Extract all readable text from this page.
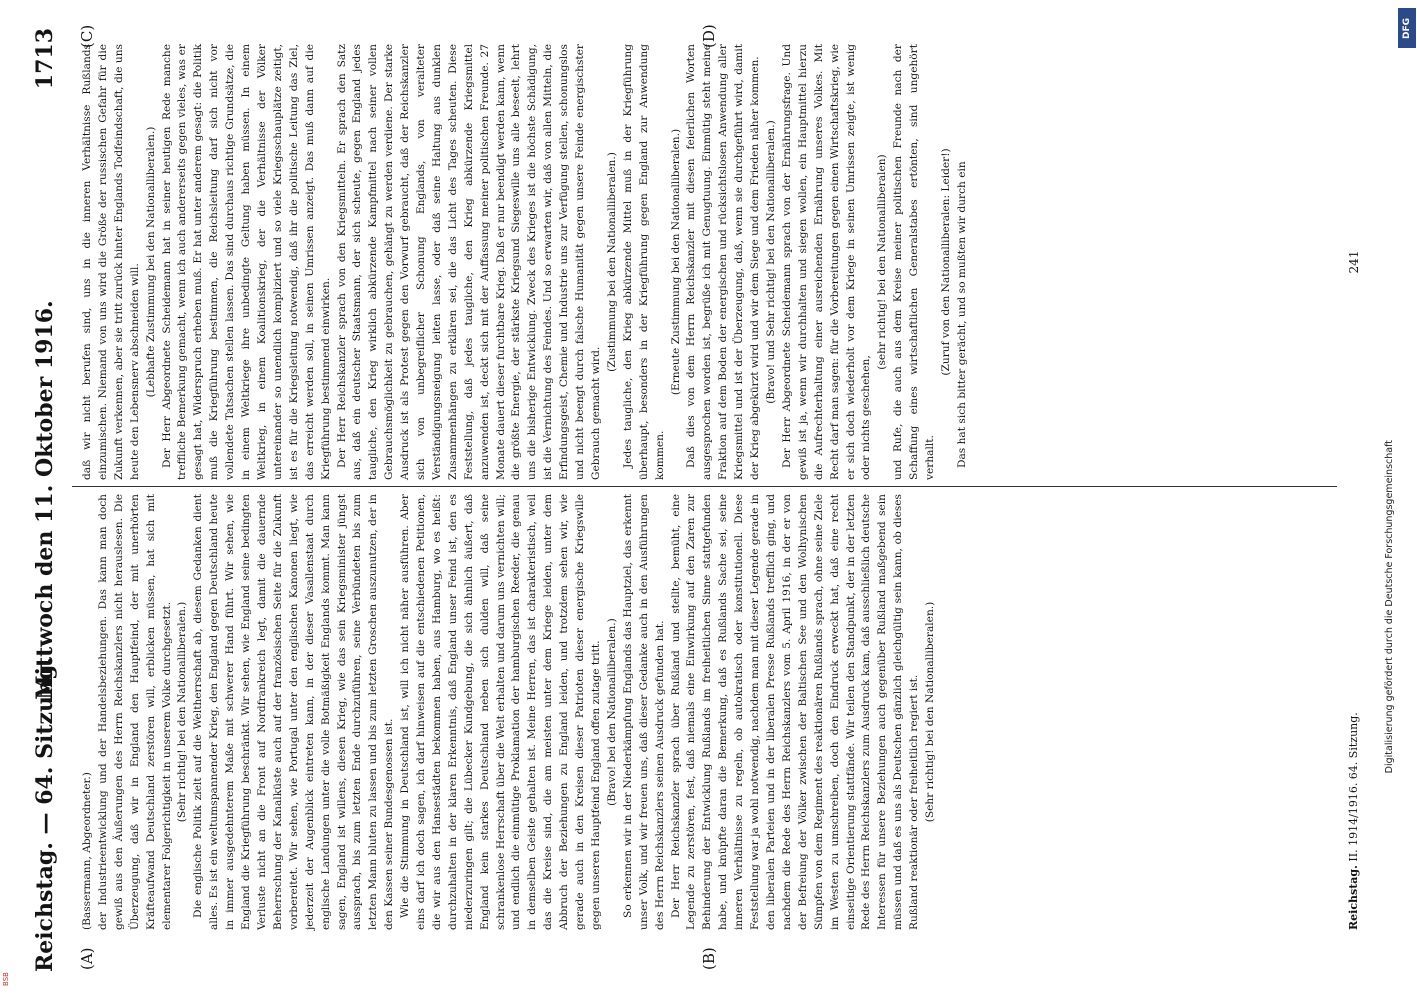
Reichstag. — 64. Sitzung.
Mittwoch den 11. Oktober 1916.
1713
(A)	(B)
(C)	(D)

(Bassermann, Abgeordneter.) der Industrieentwicklung und der Handelsbeziehungen. Das kann man doch gewiß aus den Äußerungen des Herrn Reichskanzlers nicht herauslesen. Die Überzeugung, daß wir in England den Hauptfeind, der mit unerhörten Kräfteaufwand Deutschland zerstören will, erblicken müssen, hat sich mit elementarer Folgerichtigkeit in unserem Volke durchgesetzt. (Sehr richtig! bei den Nationalliberalen.) Die englische Politik zielt auf die Weltherrschaft ab, diesem Gedanken dient alles. Es ist ein weltumspannender Krieg, den England gegen Deutschland heute in immer ausgedehnterem Maße mit schwerer Hand führt. Wir sehen, wie England die Kriegführung beschränkt. Wir sehen, wie England seine bedingten Verluste nicht an die Front auf Nordfrankreich legt, damit die dauernde Beherrschung der Kanalküste auch auf der französischen Seite für die Zukunft vorbereitet. Wir sehen, wie Portugal unter den englischen Kanonen liegt, wie jederzeit der Augenblick eintreten kann, in der dieser Vasallenstaat durch englische Landungen unter die volle Botmäßigkeit Englands kommt. Man kann sagen, England ist willens, diesen Krieg, wie das sein Kriegsminister jüngst aussprach, bis zum letzten Ende durchzuführen, seine Verbündeten bis zum letzten Mann bluten zu lassen und bis zum letzten Groschen auszunutzen, der in den Kassen seiner Bundesgenossen ist. Wie die Stimmung in Deutschland ist, will ich nicht näher ausführen. Aber eins darf ich doch sagen, ich darf hinweisen auf die entschiedenen Petitionen, die wir aus den Hansestädten bekommen haben, aus Hamburg, wo es heißt: durchzuhalten in der klaren Erkenntnis, daß England unser Feind ist, den es niederzuringen gilt; die Lübecker Kundgebung, die sich ähnlich äußert, daß England kein starkes Deutschland neben sich dulden will, daß seine schrankenlose Herrschaft über die Welt erhalten und darum uns vernichten will; und endlich die einmütige Proklamation der hamburgischen Reeder, die genau in demselben Geiste gehalten ist. Meine Herren, das ist charakteristisch, weil das die Kreise sind, die am meisten unter dem Kriege leiden, unter dem Abbruch der Beziehungen zu England leiden, und trotzdem sehen wir, wie gerade auch in den Kreisen dieser Patrioten dieser energische Kriegswille gegen unseren Hauptfeind England offen zutage tritt. (Bravo! bei den Nationalliberalen.) So erkennen wir in der Niederkämpfung Englands das Hauptziel, das erkennt unser Volk, und wir freuen uns, daß dieser Gedanke auch in den Ausführungen des Herrn Reichskanzlers seinen Ausdruck gefunden hat. Der Herr Reichskanzler sprach über Rußland und stellte, bemüht, eine Legende zu zerstören, fest, daß niemals eine Einwirkung auf den Zaren zur Behinderung der Entwicklung Rußlands im freiheitlichen Sinne stattgefunden habe, und knüpfte daran die Bemerkung, daß es Rußlands Sache sei, seine inneren Verhältnisse zu regeln, ob autokratisch oder konstitutionell. Diese Feststellung war ja wohl notwendig, nachdem man mit dieser Legende gerade in den liberalen Parteien und in der liberalen Presse Rußlands trefflich ging, und nachdem die Rede des Herrn Reichskanzlers vom 5. April 1916, in der er von der Befreiung der Völker zwischen der Baltischen See und den Wolhynischen Sümpfen von dem Regiment des reaktionären Rußlands sprach, ohne seine Ziele im Westen zu umschreiben, doch den Eindruck erweckt hat, daß eine recht einseitige Orientierung stattfände. Wir teilen den Standpunkt, der in der letzten Rede des Herrn Reichskanzlers zum Ausdruck kam, daß ausschließlich deutsche Interessen für unsere Beziehungen auch gegenüber Rußland maßgebend sein müssen und daß es uns als Deutschen gänzlich gleichgültig sein kann, ob dieses Rußland reaktionär oder freiheitlich regiert ist. (Sehr richtig! bei den Nationalliberalen.)

daß wir nicht berufen sind, uns in die inneren Verhältnisse Rußlands einzumischen. Niemand von uns wird die Größe der russischen Gefahr für die Zukunft verkennen, aber sie tritt zurück hinter Englands Todfeindschaft, die uns heute den Lebensnerv abschneiden will. (Lebhafte Zustimmung bei den Nationalliberalen.) Der Herr Abgeordnete Scheidemann hat in seiner heutigen Rede manche treffliche Bemerkung gemacht, wenn ich auch andererseits gegen vieles, was er gesagt hat, Widerspruch erheben muß. Er hat unter anderem gesagt: die Politik muß die Kriegführung bestimmen, die Reichsleitung darf sich nicht vor vollendete Tatsachen stellen lassen. Das sind durchaus richtige Grundsätze, die in einem Weltkriege ihre unbedingte Geltung haben müssen. In einem Weltkrieg, in einem Koalitionskrieg, der die Verhältnisse der Völker untereinander so unendlich kompliziert und so viele Kriegsschauplätze zeitigt, ist es für die Kriegsleitung notwendig, daß ihr die politische Leitung das Ziel, das erreicht werden soll, in seinen Umrissen anzeigt. Das muß dann auf die Kriegführung bestimmend einwirken. Der Herr Reichskanzler sprach von den Kriegsmitteln. Er sprach den Satz aus, daß ein deutscher Staatsmann, der sich scheute, gegen England jedes taugliche, den Krieg wirklich abkürzende Kampfmittel nach seiner vollen Gebrauchsmöglichkeit zu gebrauchen, gehängt zu werden verdiene. Der starke Ausdruck ist als Protest gegen den Vorwurf gebraucht, daß der Reichskanzler sich von unbegreiflicher Schonung Englands, von veralteter Verständigungsneigung leiten lasse, oder daß seine Haltung aus dunklen Zusammenhängen zu erklären sei, die das Licht des Tages scheuten. Diese Feststellung, daß jedes taugliche, den Krieg abkürzende Kriegsmittel anzuwenden ist, deckt sich mit der Auffassung meiner politischen Freunde. 27 Monate dauert dieser furchtbare Krieg. Daß er nur beendigt werden kann, wenn die größte Energie, der stärkste Kriegsund Siegeswille uns alle beseelt, lehrt uns die bisherige Entwicklung. Zweck des Krieges ist die höchste Schädigung, ist die Vernichtung des Feindes. Und so erwarten wir, daß von allen Mitteln, die Erfindungsgeist, Chemie und Industrie uns zur Verfügung stellen, schonungslos und nicht beengt durch falsche Humanität gegen unsere Feinde energischster Gebrauch gemacht wird.

(Zustimmung bei den Nationalliberalen.) Jedes taugliche, den Krieg abkürzende Mittel muß in der Kriegführung überhaupt, besonders in der Kriegführung gegen England zur Anwendung kommen.

(Erneute Zustimmung bei den Nationalliberalen.) Daß dies von dem Herrn Reichskanzler mit diesen feierlichen Worten ausgesprochen worden ist, begrüße ich mit Genugtuung. Einmütig steht meine Fraktion auf dem Boden der energischen und rücksichtslosen Anwendung aller Kriegsmittel und ist der Überzeugung, daß, wenn sie durchgeführt wird, damit der Krieg abgekürzt wird und wir dem Siege und dem Frieden näher kommen. (Bravo! und Sehr richtig! bei den Nationalliberalen.) Der Herr Abgeordnete Scheidemann sprach von der Ernährungsfrage. Und gewiß ist ja, wenn wir durchhalten und siegen wollen, ein Hauptmittel hierzu die Aufrechterhaltung einer ausreichenden Ernährung unseres Volkes. Mit Recht darf man sagen: für die Vorbereitungen gegen einen Wirtschaftskrieg, wie er sich doch wiederholt vor dem Kriege in seinen Umrissen zeigte, ist wenig oder nichts geschehen,

(sehr richtig! bei den Nationalliberalen) und Rufe, die auch aus dem Kreise meiner politischen Freunde nach der Schaffung eines wirtschaftlichen Generalstabes ertönten, sind ungehört verhallt.

(Zuruf von den Nationalliberalen: Leider!) Das hat sich bitter gerächt, und so mußten wir durch ein

Reichstag. II. 1914/1916. 64. Sitzung.
241
Digitalisierung gefördert durch die Deutsche Forschungsgemeinschaft
DFG
BSB
